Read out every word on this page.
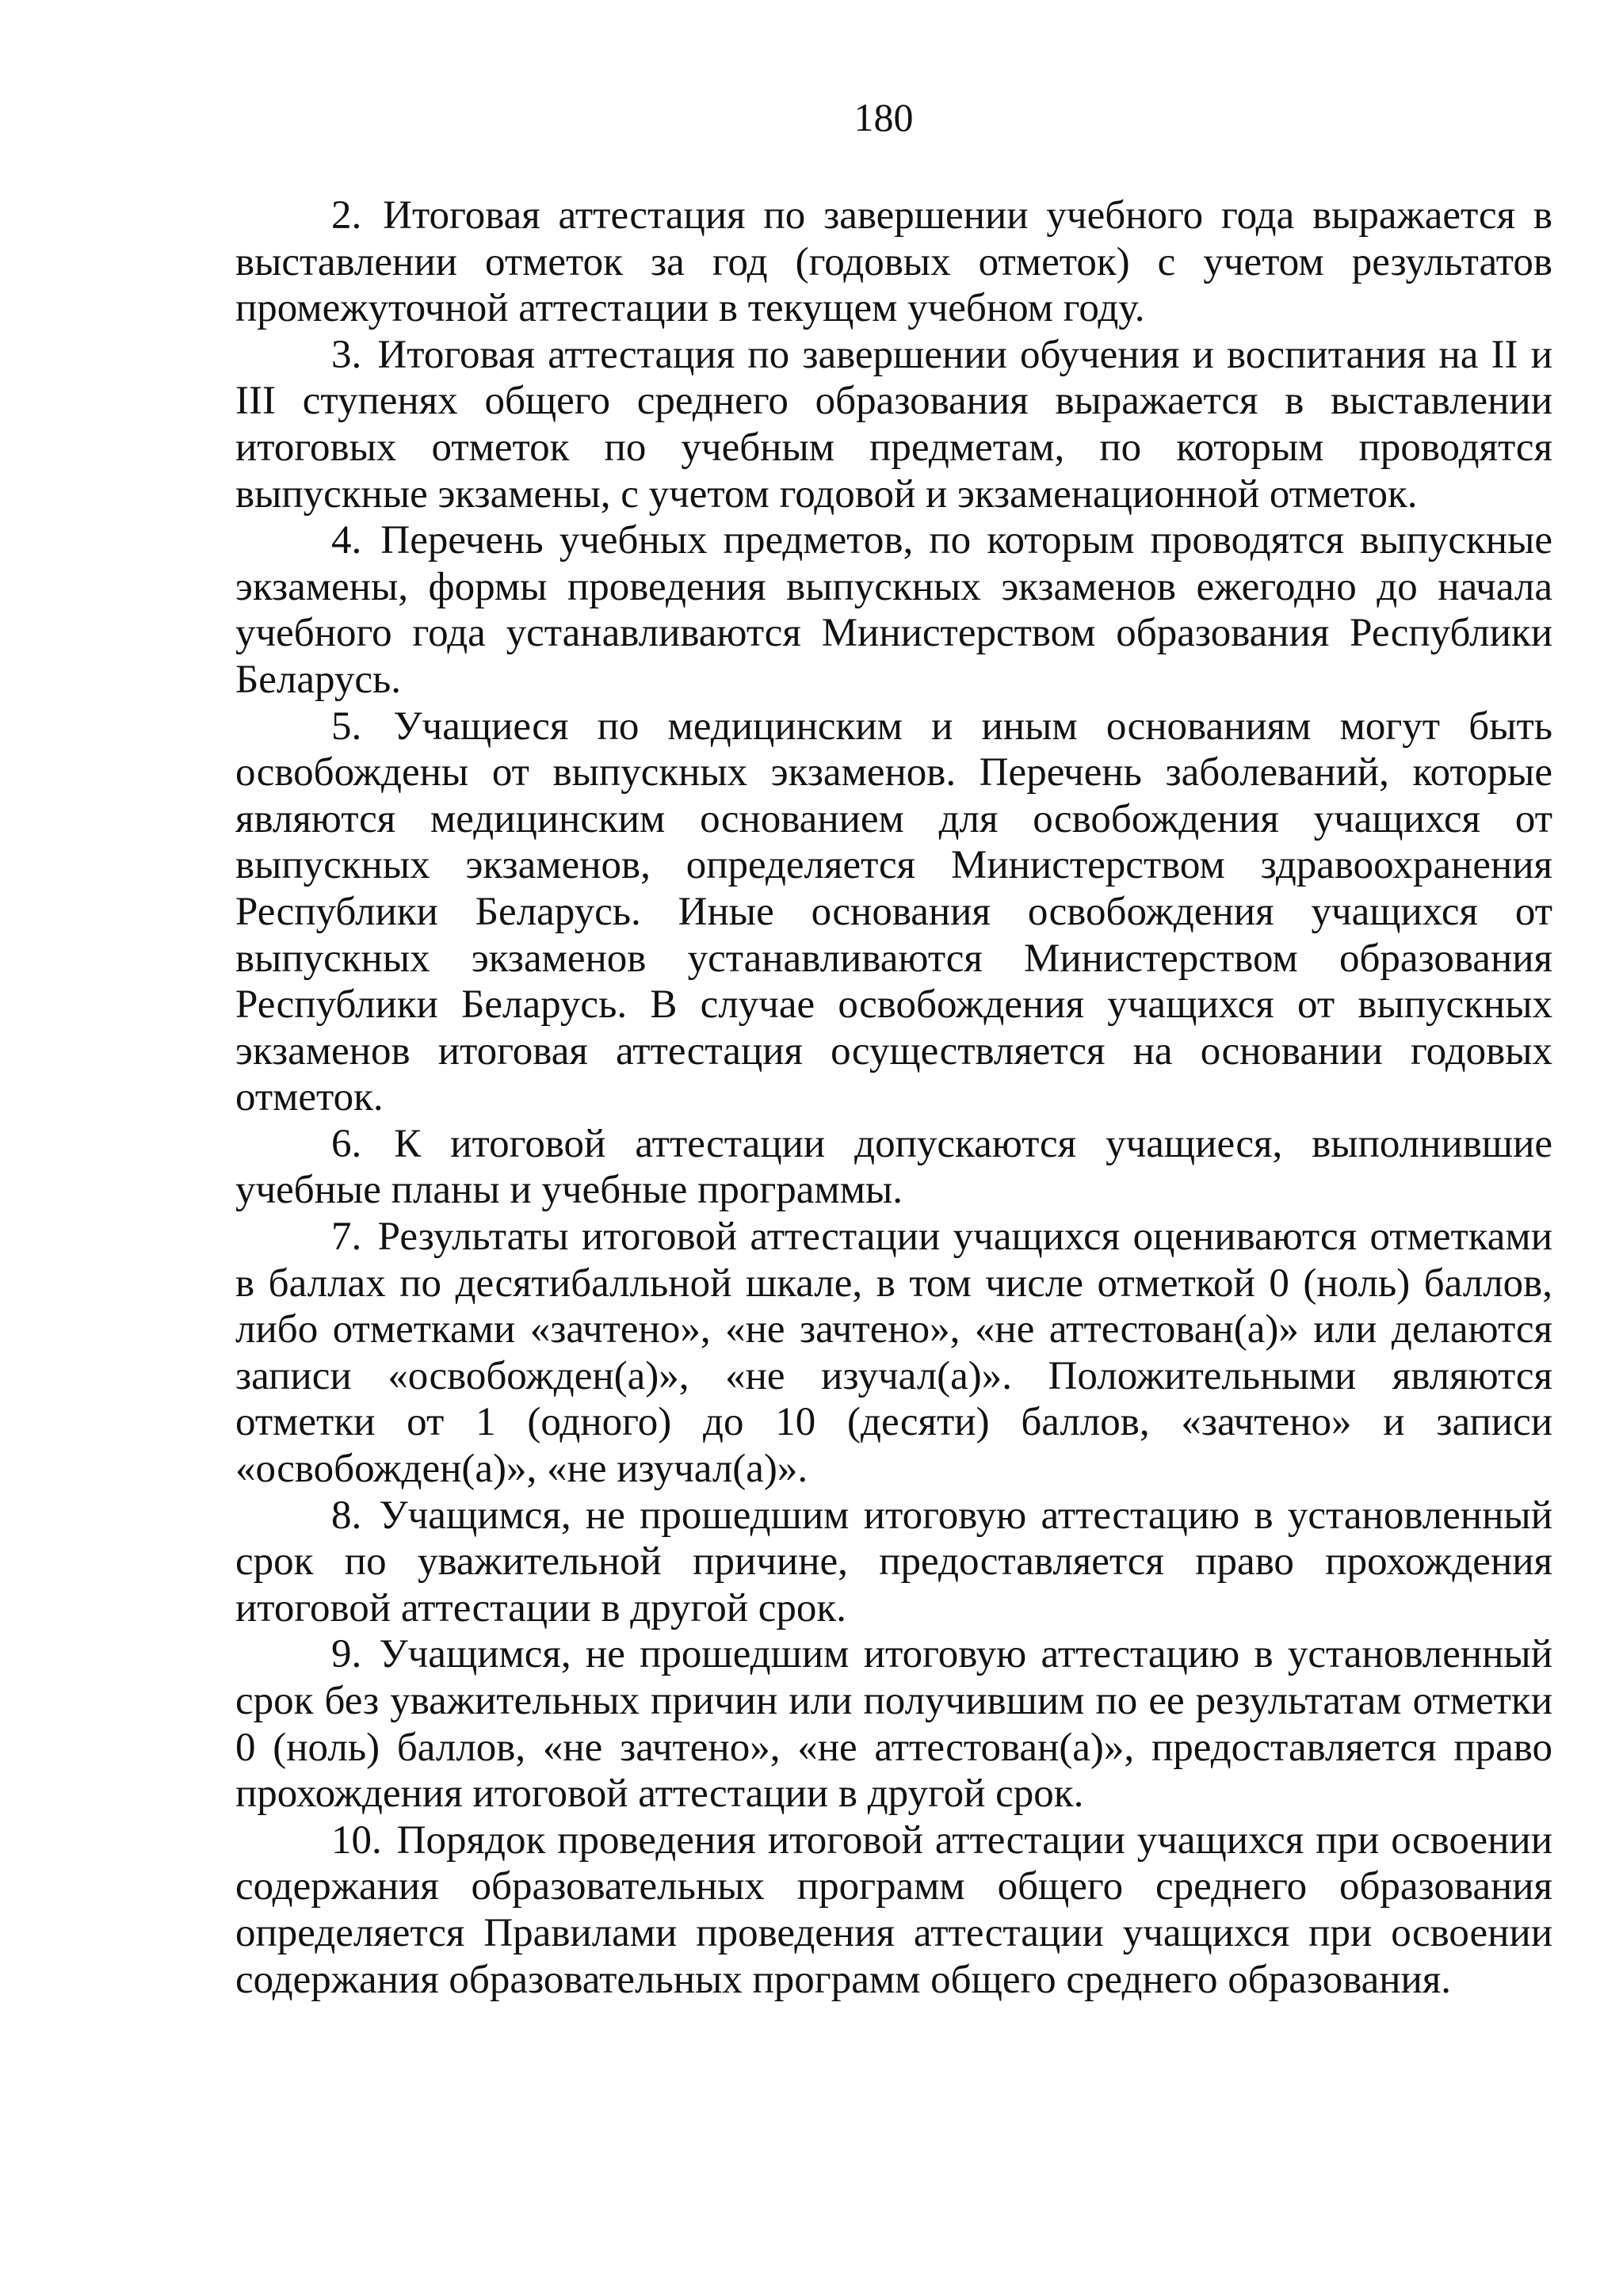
180

2. Итоговая аттестация по завершении учебного года выражается в выставлении отметок за год (годовых отметок) с учетом результатов промежуточной аттестации в текущем учебном году.

3. Итоговая аттестация по завершении обучения и воспитания на II и III ступенях общего среднего образования выражается в выставлении итоговых отметок по учебным предметам, по которым проводятся выпускные экзамены, с учетом годовой и экзаменационной отметок.

4. Перечень учебных предметов, по которым проводятся выпускные экзамены, формы проведения выпускных экзаменов ежегодно до начала учебного года устанавливаются Министерством образования Республики Беларусь.

5. Учащиеся по медицинским и иным основаниям могут быть освобождены от выпускных экзаменов. Перечень заболеваний, которые являются медицинским основанием для освобождения учащихся от выпускных экзаменов, определяется Министерством здравоохранения Республики Беларусь. Иные основания освобождения учащихся от выпускных экзаменов устанавливаются Министерством образования Республики Беларусь. В случае освобождения учащихся от выпускных экзаменов итоговая аттестация осуществляется на основании годовых отметок.

6. К итоговой аттестации допускаются учащиеся, выполнившие учебные планы и учебные программы.

7. Результаты итоговой аттестации учащихся оцениваются отметками в баллах по десятибалльной шкале, в том числе отметкой 0 (ноль) баллов, либо отметками «зачтено», «не зачтено», «не аттестован(а)» или делаются записи «освобожден(а)», «не изучал(а)». Положительными являются отметки от 1 (одного) до 10 (десяти) баллов, «зачтено» и записи «освобожден(а)», «не изучал(а)».

8. Учащимся, не прошедшим итоговую аттестацию в установленный срок по уважительной причине, предоставляется право прохождения итоговой аттестации в другой срок.

9. Учащимся, не прошедшим итоговую аттестацию в установленный срок без уважительных причин или получившим по ее результатам отметки 0 (ноль) баллов, «не зачтено», «не аттестован(а)», предоставляется право прохождения итоговой аттестации в другой срок.

10. Порядок проведения итоговой аттестации учащихся при освоении содержания образовательных программ общего среднего образования определяется Правилами проведения аттестации учащихся при освоении содержания образовательных программ общего среднего образования.
